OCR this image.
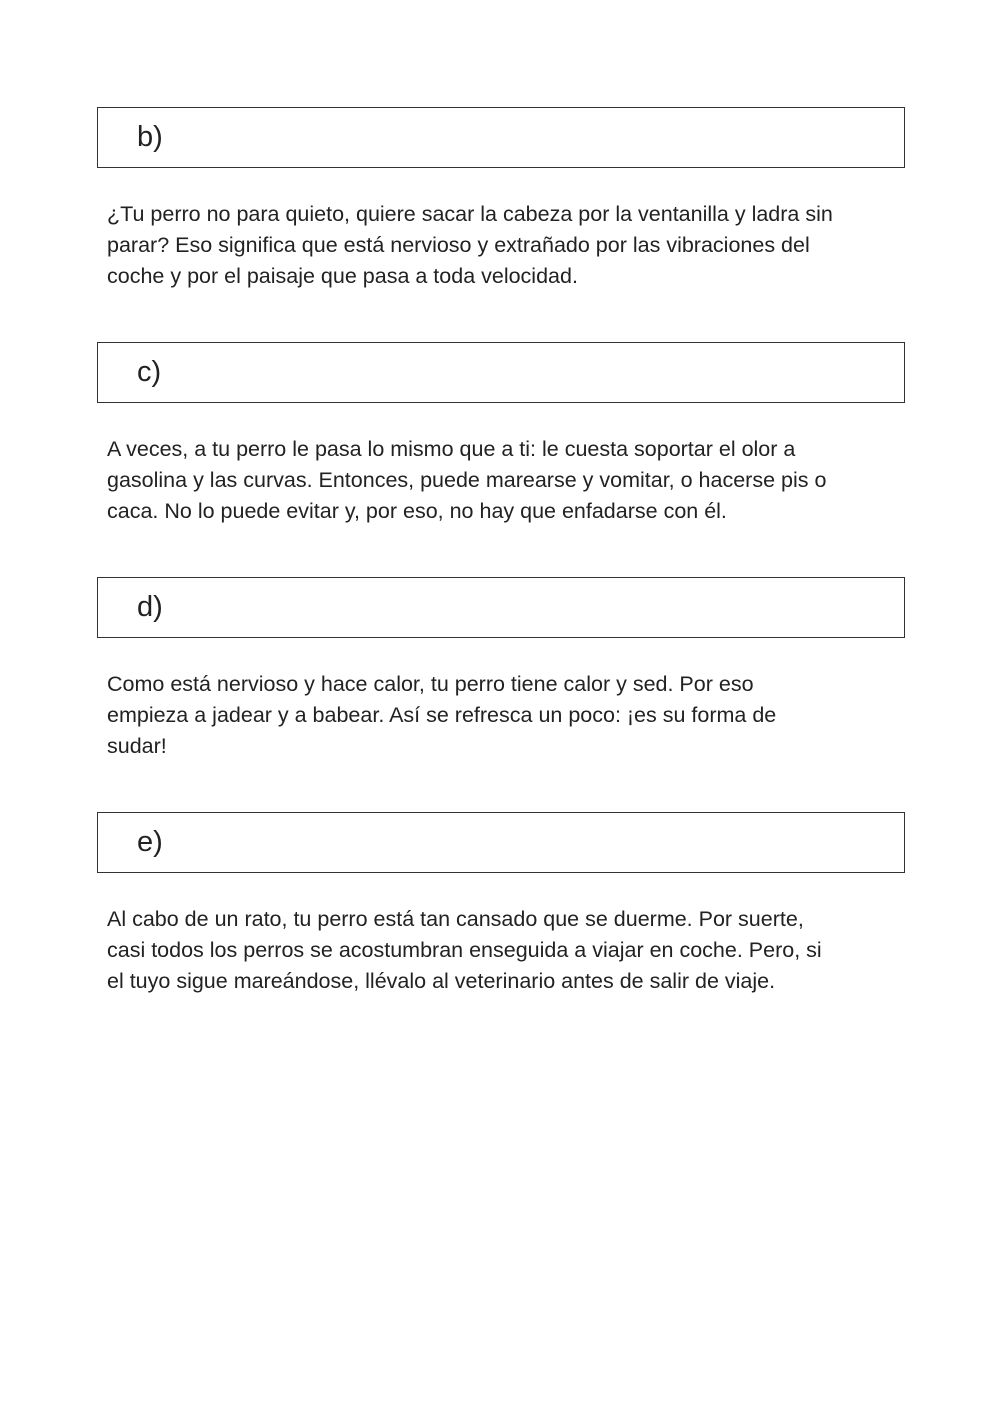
b)

¿Tu perro no para quieto, quiere sacar la cabeza por la ventanilla y ladra sin
parar? Eso significa que está nervioso y extrañado por las vibraciones del
coche y por el paisaje que pasa a toda velocidad.

c)

A veces, a tu perro le pasa lo mismo que a ti: le cuesta soportar el olor a
gasolina y las curvas. Entonces, puede marearse y vomitar, o hacerse pis o
caca. No lo puede evitar y, por eso, no hay que enfadarse con él.

d)

Como está nervioso y hace calor, tu perro tiene calor y sed. Por eso
empieza a jadear y a babear. Así se refresca un poco: ¡es su forma de
sudar!

e)

Al cabo de un rato, tu perro está tan cansado que se duerme. Por suerte,
casi todos los perros se acostumbran enseguida a viajar en coche. Pero, si
el tuyo sigue mareándose, llévalo al veterinario antes de salir de viaje.
